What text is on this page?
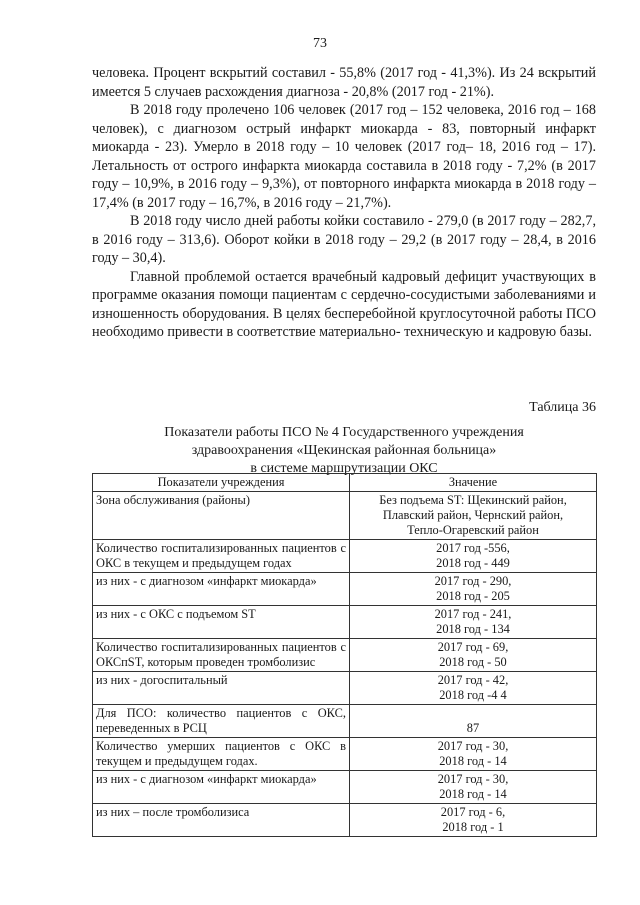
73

человека. Процент вскрытий составил - 55,8% (2017 год - 41,3%). Из 24 вскрытий имеется 5 случаев расхождения диагноза - 20,8% (2017 год - 21%).

В 2018 году пролечено 106 человек (2017 год – 152 человека, 2016 год – 168 человек), с диагнозом острый инфаркт миокарда - 83, повторный инфаркт миокарда - 23). Умерло в 2018 году – 10 человек (2017 год– 18, 2016 год – 17). Летальность от острого инфаркта миокарда составила в 2018 году - 7,2% (в 2017 году – 10,9%, в 2016 году – 9,3%), от повторного инфаркта миокарда в 2018 году – 17,4% (в 2017 году – 16,7%, в 2016 году – 21,7%).

В 2018 году число дней работы койки составило - 279,0 (в 2017 году – 282,7, в 2016 году – 313,6). Оборот койки в 2018 году – 29,2 (в 2017 году – 28,4, в 2016 году – 30,4).

Главной проблемой остается врачебный кадровый дефицит участвующих в программе оказания помощи пациентам с сердечно-сосудистыми заболеваниями и изношенность оборудования. В целях бесперебойной круглосуточной работы ПСО необходимо привести в соответствие материально- техническую и кадровую базы.

Таблица 36
Показатели работы ПСО № 4 Государственного учреждения
здравоохранения «Щекинская районная больница»
в системе маршрутизации ОКС
Показатели учреждения	Значение
Зона обслуживания (районы)	Без подъема ST: Щекинский район,
Плавский район, Чернский район,
Тепло-Огаревский район

Количество госпитализированных пациентов с ОКС в текущем и предыдущем годах	2017 год -556,
2018 год - 449

из них - с диагнозом «инфаркт миокарда»	2017 год - 290,
2018 год - 205

из них - с ОКС с подъемом ST	2017 год - 241,
2018 год - 134

Количество госпитализированных пациентов с ОКСпST, которым проведен тромболизис	2017 год - 69,
2018 год - 50

из них - догоспитальный	2017 год - 42,
2018 год -4 4

Для ПСО: количество пациентов с ОКС, переведенных в РСЦ	87

Количество умерших пациентов с ОКС в текущем и предыдущем годах.	2017 год - 30,
2018 год - 14

из них - с диагнозом «инфаркт миокарда»	2017 год - 30,
2018 год - 14

из них – после тромболизиса	2017 год - 6,
2018 год - 1
